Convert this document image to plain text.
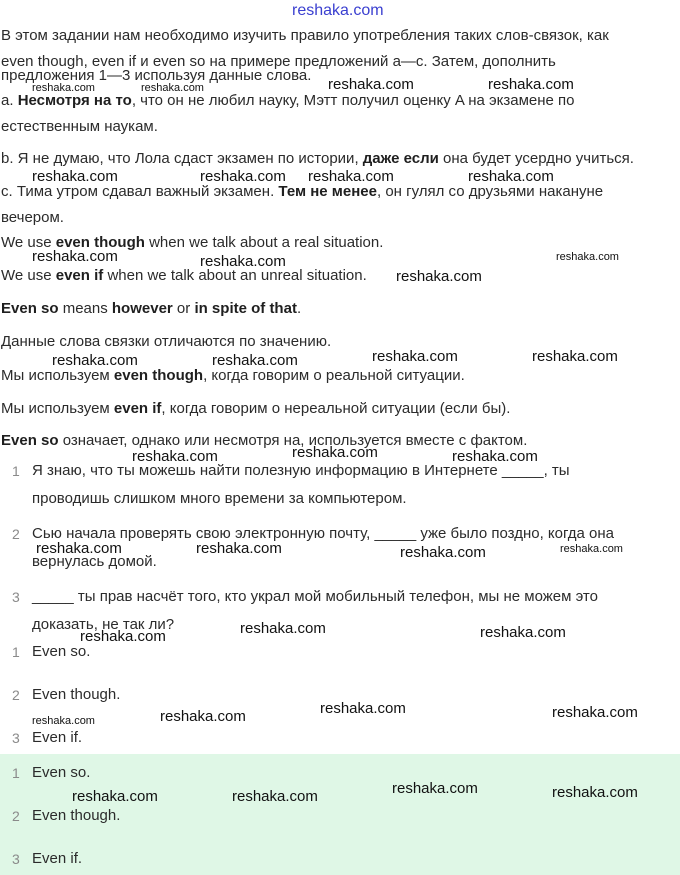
reshaka.com
В этом задании нам необходимо изучить правило употребления таких слов-связок, как
even though, even if и even so на примере предложений a—c. Затем, дополнить
предложения 1—3 используя данные слова.
a. Несмотря на то, что он не любил науку, Мэтт получил оценку A на экзамене по
естественным наукам.
b. Я не думаю, что Лола сдаст экзамен по истории, даже если она будет усердно учиться.
c. Тима утром сдавал важный экзамен. Тем не менее, он гулял со друзьями накануне
вечером.
We use even though when we talk about a real situation.
We use even if when we talk about an unreal situation.
Even so means however or in spite of that.
Данные слова связки отличаются по значению.
Мы используем even though, когда говорим о реальной ситуации.
Мы используем even if, когда говорим о нереальной ситуации (если бы).
Even so означает, однако или несмотря на, используется вместе с фактом.
1 Я знаю, что ты можешь найти полезную информацию в Интернете _____, ты
проводишь слишком много времени за компьютером.
2 Сью начала проверять свою электронную почту, _____ уже было поздно, когда она
вернулась домой.
3 _____ ты прав насчёт того, кто украл мой мобильный телефон, мы не можем это
доказать, не так ли?
1 Even so.
2 Even though.
3 Even if.
1 Even so.
2 Even though.
3 Even if.
reshaka.com	reshaka.com	reshaka.com	reshaka.com
reshaka.com	reshaka.com reshaka.com	reshaka.com
reshaka.com	reshaka.com	reshaka.com
reshaka.com
reshaka.com	reshaka.com	reshaka.com	reshaka.com
reshaka.com	reshaka.com	reshaka.com
reshaka.com	reshaka.com	reshaka.com	reshaka.com
reshaka.com	reshaka.com	reshaka.com
reshaka.com	reshaka.com	reshaka.com	reshaka.com
reshaka.com	reshaka.com	reshaka.com	reshaka.com
